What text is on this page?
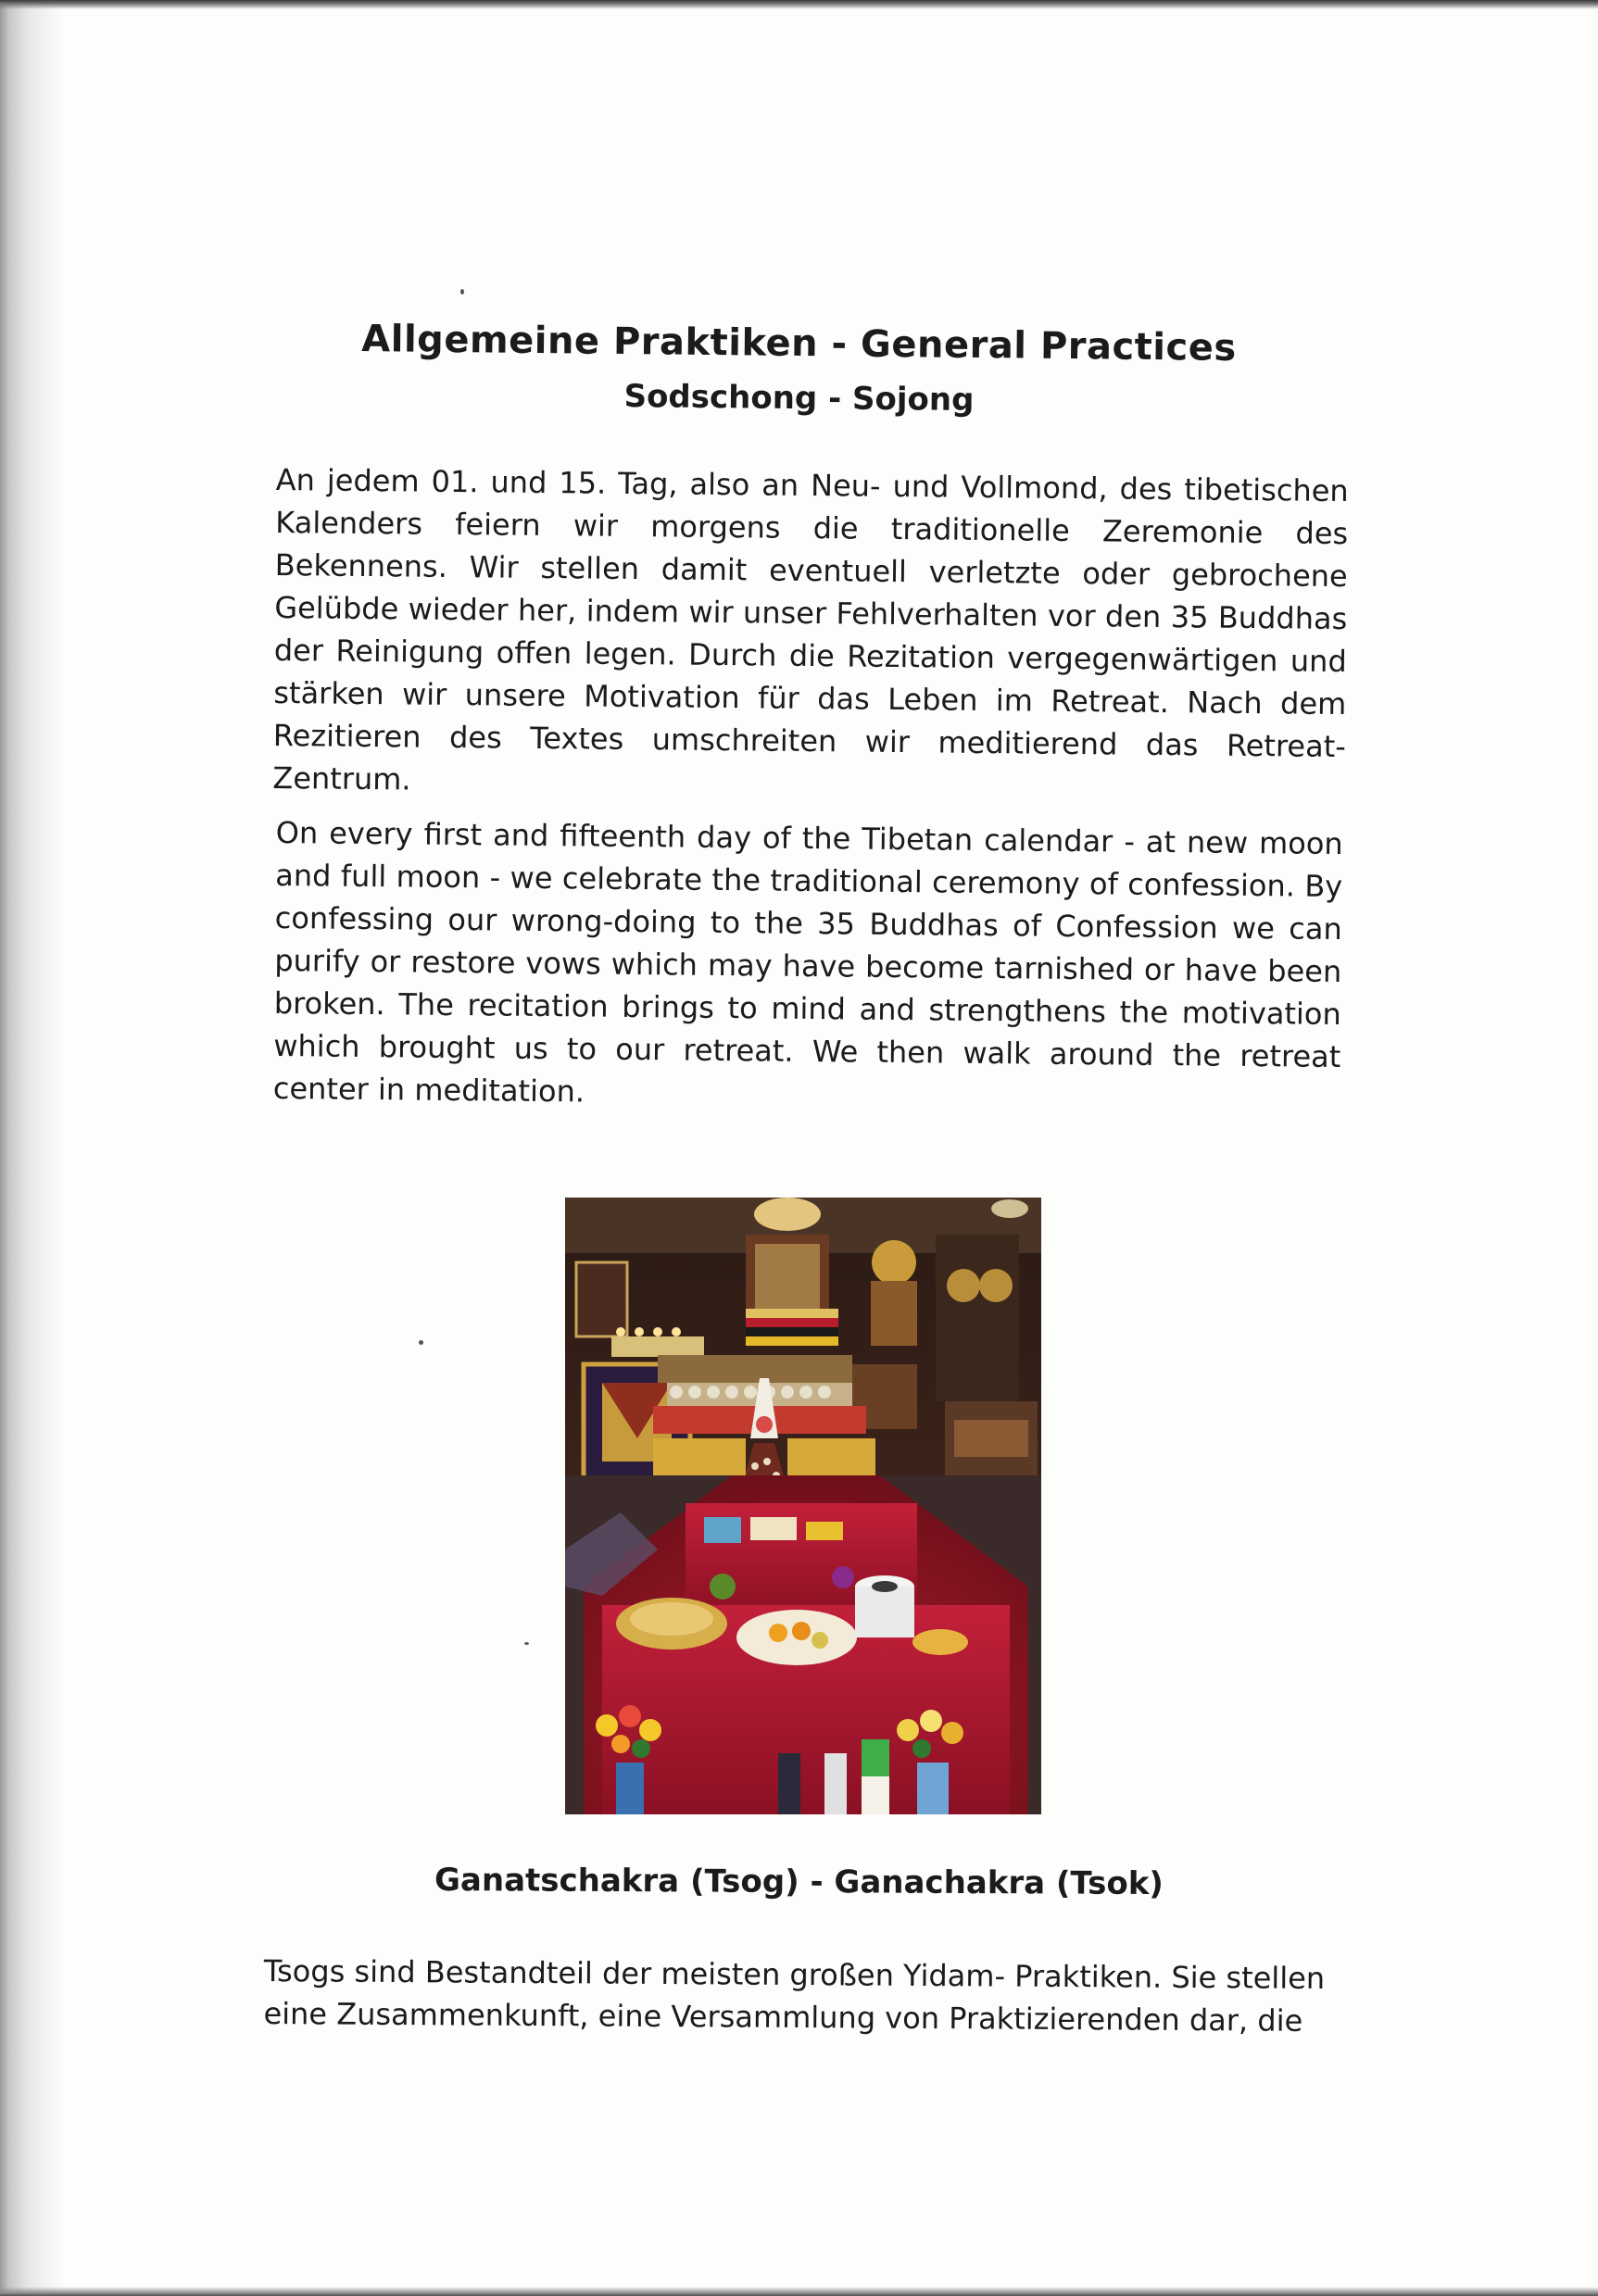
Allgemeine Praktiken - General Practices
Sodschong - Sojong
An jedem 01. und 15. Tag, also an Neu- und Vollmond, des tibetischen Kalenders feiern wir morgens die traditionelle Zeremonie des Bekennens. Wir stellen damit eventuell verletzte oder gebrochene Gelübde wieder her, indem wir unser Fehlverhalten vor den 35 Buddhas der Reinigung offen legen. Durch die Rezitation vergegenwärtigen und stärken wir unsere Motivation für das Leben im Retreat. Nach dem Rezitieren des Textes umschreiten wir meditierend das Retreat- Zentrum.
On every first and fifteenth day of the Tibetan calendar - at new moon and full moon - we celebrate the traditional ceremony of confession. By confessing our wrong-doing to the 35 Buddhas of Confession we can purify or restore vows which may have become tarnished or have been broken. The recitation brings to mind and strengthens the motivation which brought us to our retreat. We then walk around the retreat center in meditation.
Ganatschakra (Tsog) - Ganachakra (Tsok)
Tsogs sind Bestandteil der meisten großen Yidam- Praktiken. Sie stellen eine Zusammenkunft, eine Versammlung von Praktizierenden dar, die
